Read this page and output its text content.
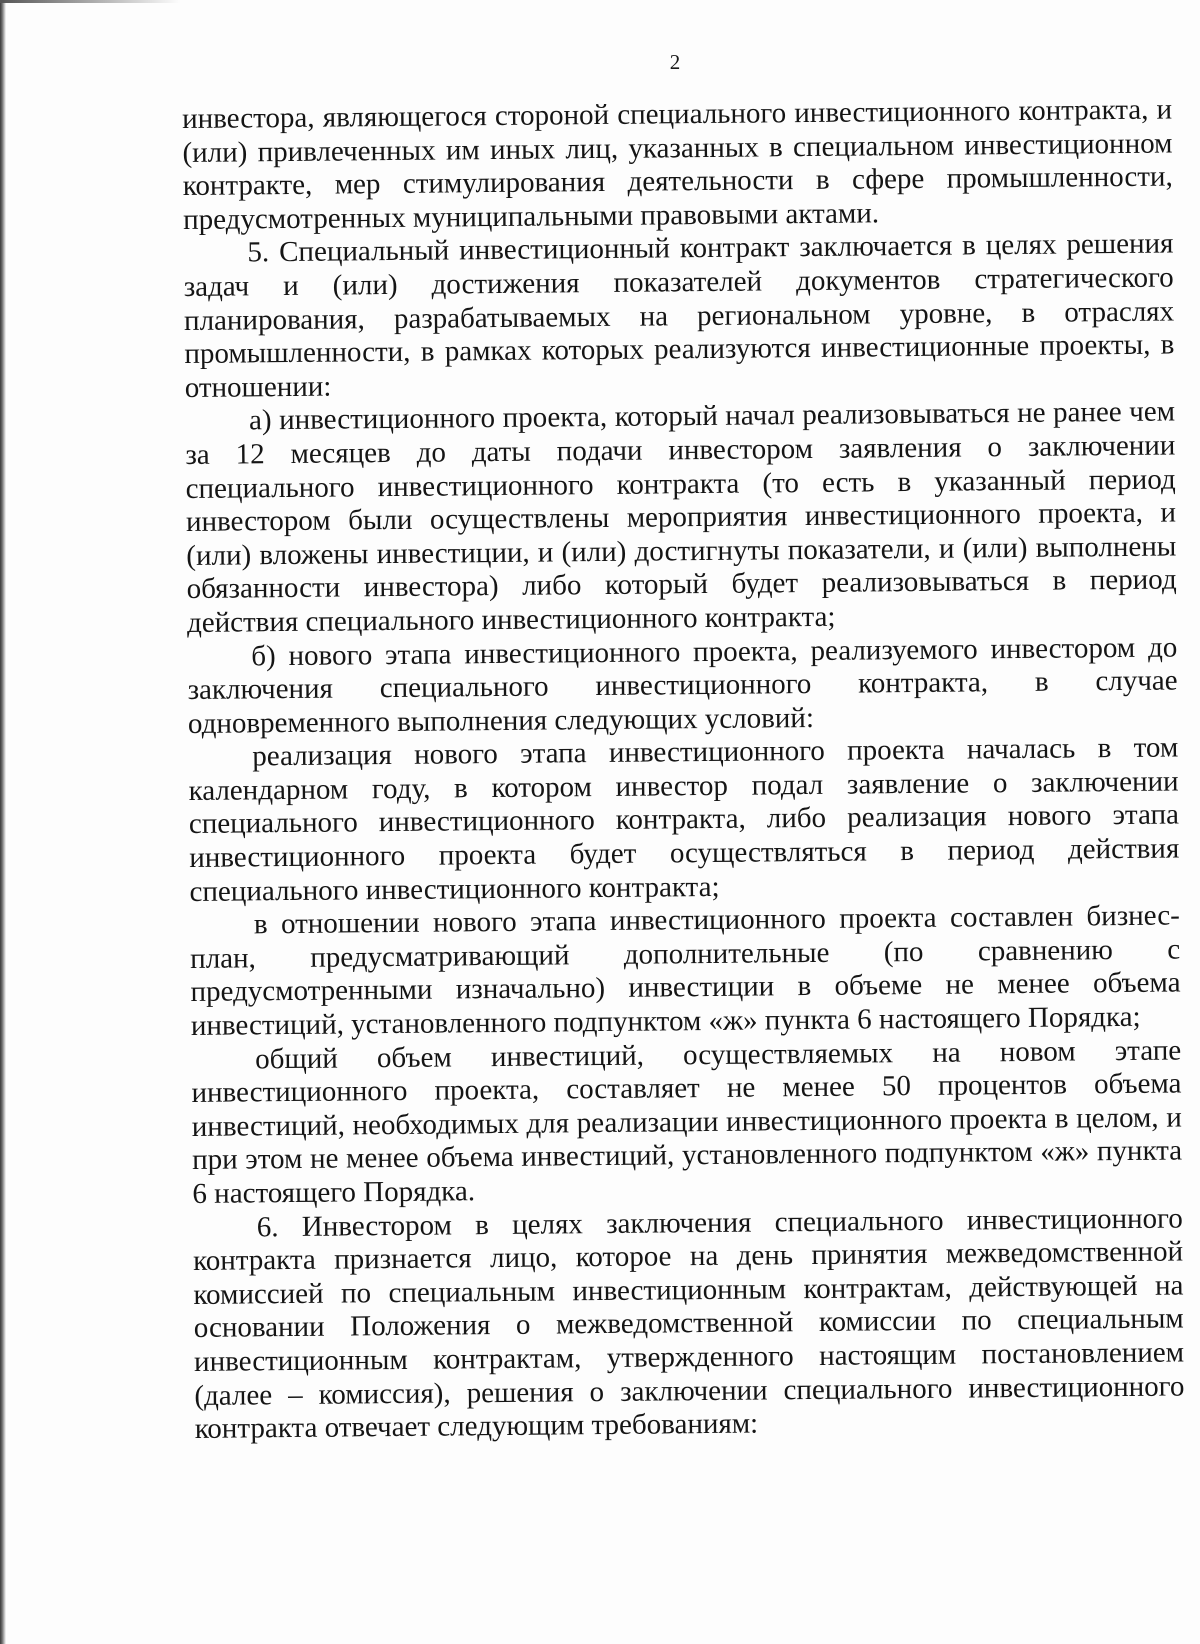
2

инвестора, являющегося стороной специального инвестиционного контракта, и (или) привлеченных им иных лиц, указанных в специальном инвестиционном контракте, мер стимулирования деятельности в сфере промышленности, предусмотренных муниципальными правовыми актами.

5. Специальный инвестиционный контракт заключается в целях решения задач и (или) достижения показателей документов стратегического планирования, разрабатываемых на региональном уровне, в отраслях промышленности, в рамках которых реализуются инвестиционные проекты, в отношении:

а) инвестиционного проекта, который начал реализовываться не ранее чем за 12 месяцев до даты подачи инвестором заявления о заключении специального инвестиционного контракта (то есть в указанный период инвестором были осуществлены мероприятия инвестиционного проекта, и (или) вложены инвестиции, и (или) достигнуты показатели, и (или) выполнены обязанности инвестора) либо который будет реализовываться в период действия специального инвестиционного контракта;

б) нового этапа инвестиционного проекта, реализуемого инвестором до заключения специального инвестиционного контракта, в случае одновременного выполнения следующих условий:

реализация нового этапа инвестиционного проекта началась в том календарном году, в котором инвестор подал заявление о заключении специального инвестиционного контракта, либо реализация нового этапа инвестиционного проекта будет осуществляться в период действия специального инвестиционного контракта;

в отношении нового этапа инвестиционного проекта составлен бизнес-план, предусматривающий дополнительные (по сравнению с предусмотренными изначально) инвестиции в объеме не менее объема инвестиций, установленного подпунктом «ж» пункта 6 настоящего Порядка;

общий объем инвестиций, осуществляемых на новом этапе инвестиционного проекта, составляет не менее 50 процентов объема инвестиций, необходимых для реализации инвестиционного проекта в целом, и при этом не менее объема инвестиций, установленного подпунктом «ж» пункта 6 настоящего Порядка.

6. Инвестором в целях заключения специального инвестиционного контракта признается лицо, которое на день принятия межведомственной комиссией по специальным инвестиционным контрактам, действующей на основании Положения о межведомственной комиссии по специальным инвестиционным контрактам, утвержденного настоящим постановлением (далее – комиссия), решения о заключении специального инвестиционного контракта отвечает следующим требованиям:
